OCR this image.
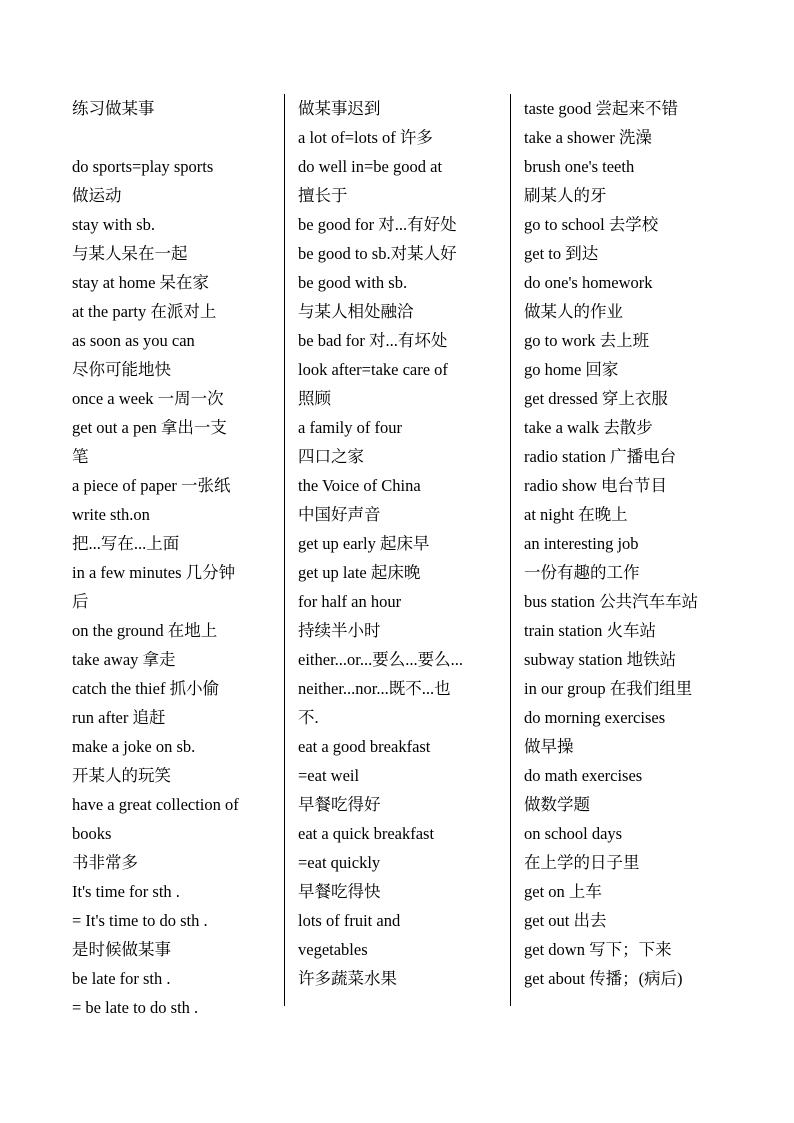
练习做某事
do sports=play sports
做运动
stay with sb.
与某人呆在一起
stay at home 呆在家
at the party 在派对上
as soon as you can
尽你可能地快
once a week 一周一次
get out a pen 拿出一支
笔
a piece of paper 一张纸
write sth.on
把...写在...上面
in a few minutes 几分钟
后
on the ground 在地上
take away 拿走
catch the thief 抓小偷
run after 追赶
make a joke on sb.
开某人的玩笑
have a great collection of
books
书非常多
It's time for sth .
= It's time to do sth .
是时候做某事
be late for sth .
= be late to do sth .
做某事迟到
a lot of=lots of 许多
do well in=be good at
擅长于
be good for 对...有好处
be good to sb.对某人好
be good with sb.
与某人相处融洽
be bad for 对...有坏处
look after=take care of
照顾
a family of four
四口之家
the Voice of China
中国好声音
get up early 起床早
get up late 起床晚
for half an hour
持续半小时
either...or...要么...要么...
neither...nor...既不...也
不.
eat a good breakfast
=eat weil
早餐吃得好
eat a quick breakfast
=eat quickly
早餐吃得快
lots of fruit and
vegetables
许多蔬菜水果
taste good 尝起来不错
take a shower 洗澡
brush one's teeth
刷某人的牙
go to school 去学校
get to 到达
do one's homework
做某人的作业
go to work 去上班
go home 回家
get dressed 穿上衣服
take a walk 去散步
radio station 广播电台
radio show 电台节目
at night 在晚上
an interesting job
一份有趣的工作
bus station 公共汽车车站
train station 火车站
subway station 地铁站
in our group 在我们组里
do morning exercises
做早操
do math exercises
做数学题
on school days
在上学的日子里
get on 上车
get out 出去
get down 写下；下来
get about 传播；(病后)
